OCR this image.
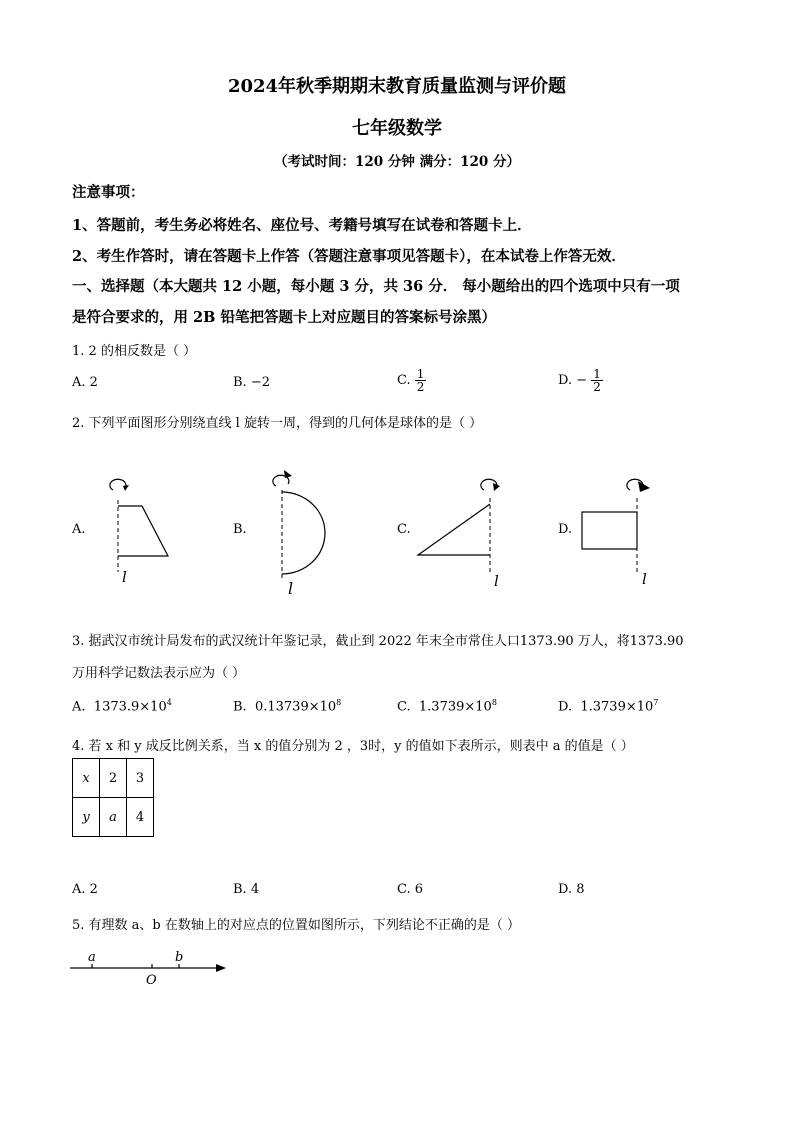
2024年秋季期期末教育质量监测与评价题
七年级数学
（考试时间：120 分钟 满分：120 分）
注意事项：
1、答题前，考生务必将姓名、座位号、考籍号填写在试卷和答题卡上．
2、考生作答时，请在答题卡上作答（答题注意事项见答题卡），在本试卷上作答无效．
一、选择题（本大题共 12 小题，每小题 3 分，共 36 分． 每小题给出的四个选项中只有一项
是符合要求的，用 2B 铅笔把答题卡上对应题目的答案标号涂黑）
1. 2 的相反数是（ ）
A. 2	B. −2	C. $\frac{1}{2}$	D. − $\frac{1}{2}$
2. 下列平面图形分别绕直线 l 旋转一周，得到的几何体是球体的是（ ）
A.	B.	C.	D.
l
l	l	l
3. 据武汉市统计局发布的武汉统计年鉴记录，截止到 2022 年末全市常住人口1373.90 万人，将1373.90
万用科学记数法表示应为（ ）
A. $1373.9\times 10^4$	B. $0.13739\times 10^8$	C. $1.3739\times 10^8$	D. $1.3739\times 10^7$
4. 若 x 和 y 成反比例关系，当 x 的值分别为 2 ，3时，y 的值如下表所示，则表中 a 的值是（ ）
x	2	3
y	a	4
A. 2	B. 4	C. 6	D. 8
5. 有理数 a、b 在数轴上的对应点的位置如图所示，下列结论不正确的是（ ）
a	b
O
